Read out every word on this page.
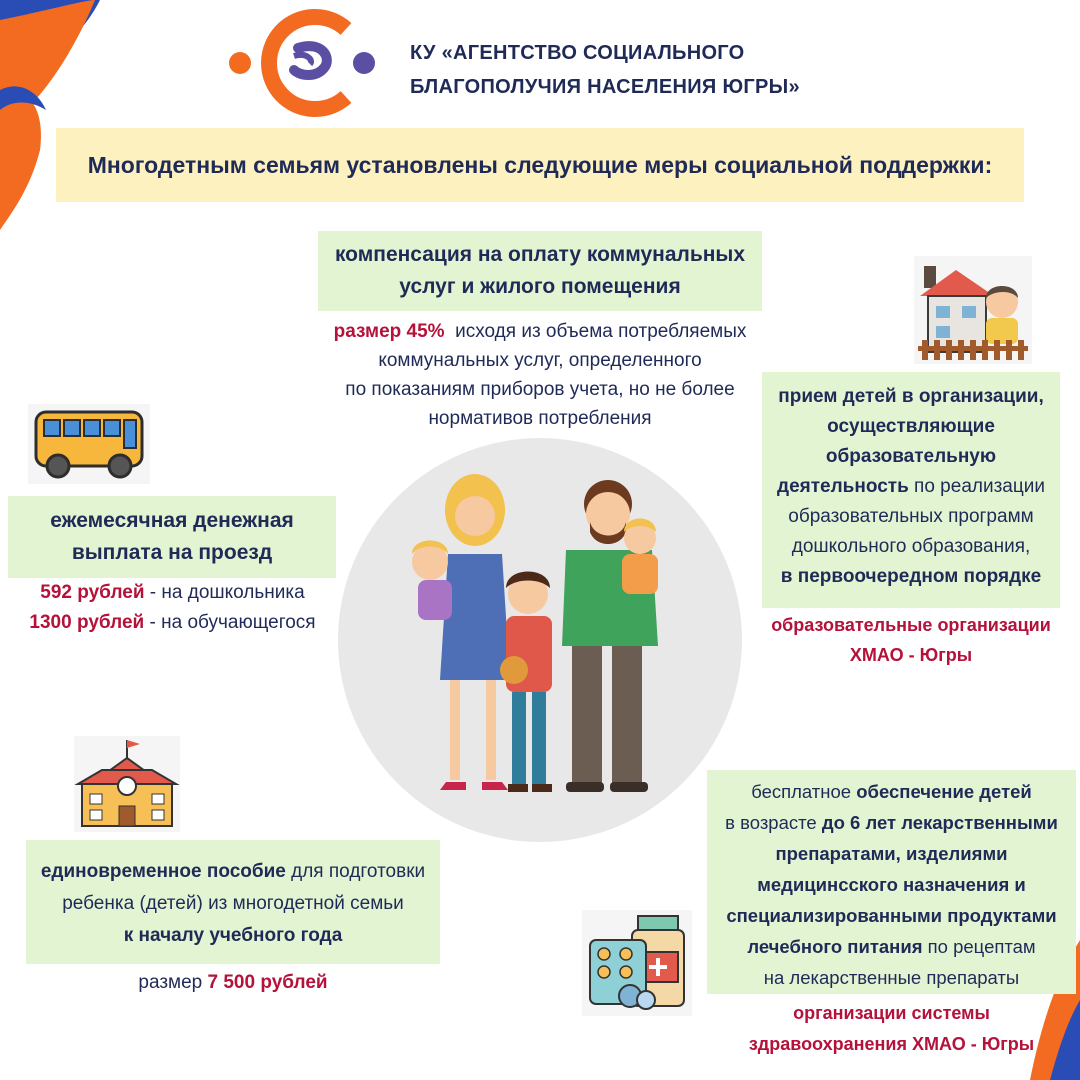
КУ «АГЕНТСТВО СОЦИАЛЬНОГО
БЛАГОПОЛУЧИЯ НАСЕЛЕНИЯ ЮГРЫ»
Многодетным семьям установлены следующие меры социальной поддержки:
компенсация на оплату коммунальных
услуг и жилого помещения
размер 45% исходя из объема потребляемых
коммунальных услуг, определенного
по показаниям приборов учета, но не более
нормативов потребления
ежемесячная денежная
выплата на проезд
592 рублей - на дошкольника
1300 рублей - на обучающегося
прием детей в организации,
осуществляющие
образовательную
деятельность по реализации
образовательных программ
дошкольного образования,
в первоочередном порядке
образовательные организации
ХМАО - Югры
единовременное пособие для подготовки
ребенка (детей) из многодетной семьи
к началу учебного года
размер 7 500 рублей
бесплатное обеспечение детей
в возрасте до 6 лет лекарственными
препаратами, изделиями
медицинсского назначения и
специализированными продуктами
лечебного питания по рецептам
на лекарственные препараты
организации системы
здравоохранения ХМАО - Югры
